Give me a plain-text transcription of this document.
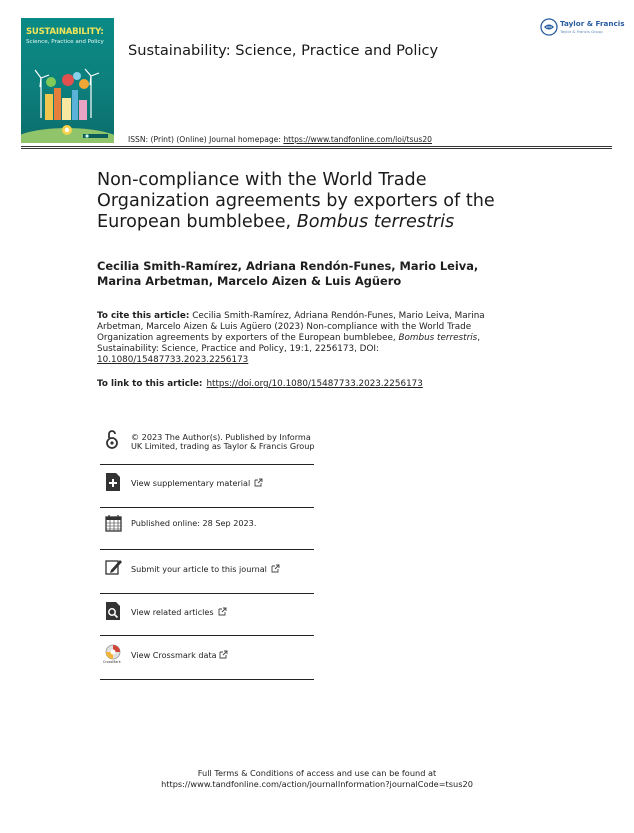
SUSTAINABILITY:
Science, Practice and Policy Sustainability: Science, Practice and Policy
ISSN: (Print) (Online) Journal homepage: https://www.tandfonline.com/loi/tsus20
Taylor & Francis
Taylor & Francis Group
Non-compliance with the World Trade Organization agreements by exporters of the European bumblebee, Bombus terrestris
Cecilia Smith-Ramírez, Adriana Rendón-Funes, Mario Leiva, Marina Arbetman, Marcelo Aizen & Luis Agüero
To cite this article: Cecilia Smith-Ramírez, Adriana Rendón-Funes, Mario Leiva, Marina Arbetman, Marcelo Aizen & Luis Agüero (2023) Non-compliance with the World Trade Organization agreements by exporters of the European bumblebee, Bombus terrestris, Sustainability: Science, Practice and Policy, 19:1, 2256173, DOI: 10.1080/15487733.2023.2256173
To link to this article: https://doi.org/10.1080/15487733.2023.2256173
© 2023 The Author(s). Published by Informa UK Limited, trading as Taylor & Francis Group
View supplementary material
Published online: 28 Sep 2023.
Submit your article to this journal
View related articles
CrossMark
View Crossmark data
Full Terms & Conditions of access and use can be found at
https://www.tandfonline.com/action/journalInformation?journalCode=tsus20
